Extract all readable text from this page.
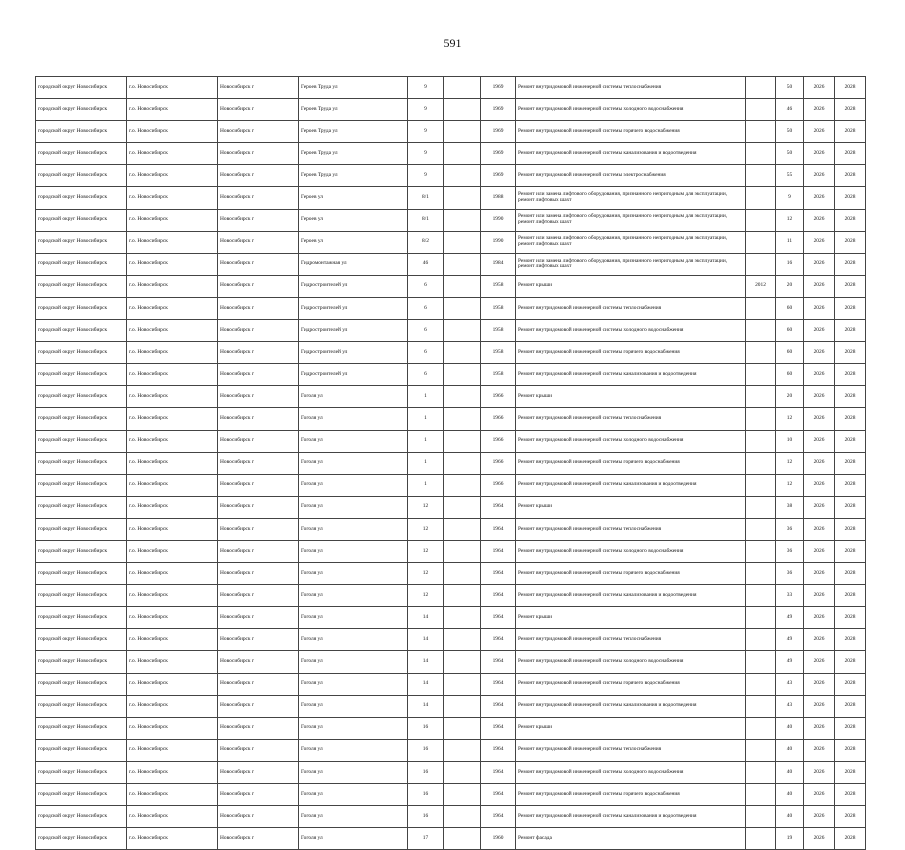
591
городской округ Новосибирск	г.о. Новосибирск	Новосибирск г	Героев Труда ул	9		1969	Ремонт внутридомовой инженерной системы теплоснабжения		50	2026	2028
городской округ Новосибирск	г.о. Новосибирск	Новосибирск г	Героев Труда ул	9		1969	Ремонт внутридомовой инженерной системы холодного водоснабжения		46	2026	2028
городской округ Новосибирск	г.о. Новосибирск	Новосибирск г	Героев Труда ул	9		1969	Ремонт внутридомовой инженерной системы горячего водоснабжения		50	2026	2028
городской округ Новосибирск	г.о. Новосибирск	Новосибирск г	Героев Труда ул	9		1969	Ремонт внутридомовой инженерной системы канализования и водоотведения		50	2026	2028
городской округ Новосибирск	г.о. Новосибирск	Новосибирск г	Героев Труда ул	9		1969	Ремонт внутридомовой инженерной системы электроснабжения		55	2026	2028
городской округ Новосибирск	г.о. Новосибирск	Новосибирск г	Героев ул	8/1		1988	Ремонт или замена лифтового оборудования, признанного непригодным для эксплуатации, ремонт лифтовых шахт		9	2026	2028
городской округ Новосибирск	г.о. Новосибирск	Новосибирск г	Героев ул	8/1		1990	Ремонт или замена лифтового оборудования, признанного непригодным для эксплуатации, ремонт лифтовых шахт		12	2026	2028
городской округ Новосибирск	г.о. Новосибирск	Новосибирск г	Героев ул	8/2		1990	Ремонт или замена лифтового оборудования, признанного непригодным для эксплуатации, ремонт лифтовых шахт		11	2026	2028
городской округ Новосибирск	г.о. Новосибирск	Новосибирск г	Гидромонтажная ул	46		1984	Ремонт или замена лифтового оборудования, признанного непригодным для эксплуатации, ремонт лифтовых шахт		16	2026	2028
городской округ Новосибирск	г.о. Новосибирск	Новосибирск г	Гидростроителей ул	6		1958	Ремонт крыши	2012	20	2026	2028
городской округ Новосибирск	г.о. Новосибирск	Новосибирск г	Гидростроителей ул	6		1958	Ремонт внутридомовой инженерной системы теплоснабжения		60	2026	2028
городской округ Новосибирск	г.о. Новосибирск	Новосибирск г	Гидростроителей ул	6		1958	Ремонт внутридомовой инженерной системы холодного водоснабжения		60	2026	2028
городской округ Новосибирск	г.о. Новосибирск	Новосибирск г	Гидростроителей ул	6		1958	Ремонт внутридомовой инженерной системы горячего водоснабжения		60	2026	2028
городской округ Новосибирск	г.о. Новосибирск	Новосибирск г	Гидростроителей ул	6		1958	Ремонт внутридомовой инженерной системы канализования и водоотведения		60	2026	2028
городской округ Новосибирск	г.о. Новосибирск	Новосибирск г	Гоголя ул	1		1966	Ремонт крыши		20	2026	2028
городской округ Новосибирск	г.о. Новосибирск	Новосибирск г	Гоголя ул	1		1966	Ремонт внутридомовой инженерной системы теплоснабжения		12	2026	2028
городской округ Новосибирск	г.о. Новосибирск	Новосибирск г	Гоголя ул	1		1966	Ремонт внутридомовой инженерной системы холодного водоснабжения		10	2026	2028
городской округ Новосибирск	г.о. Новосибирск	Новосибирск г	Гоголя ул	1		1966	Ремонт внутридомовой инженерной системы горячего водоснабжения		12	2026	2028
городской округ Новосибирск	г.о. Новосибирск	Новосибирск г	Гоголя ул	1		1966	Ремонт внутридомовой инженерной системы канализования и водоотведения		12	2026	2028
городской округ Новосибирск	г.о. Новосибирск	Новосибирск г	Гоголя ул	12		1964	Ремонт крыши		38	2026	2028
городской округ Новосибирск	г.о. Новосибирск	Новосибирск г	Гоголя ул	12		1964	Ремонт внутридомовой инженерной системы теплоснабжения		36	2026	2028
городской округ Новосибирск	г.о. Новосибирск	Новосибирск г	Гоголя ул	12		1964	Ремонт внутридомовой инженерной системы холодного водоснабжения		36	2026	2028
городской округ Новосибирск	г.о. Новосибирск	Новосибирск г	Гоголя ул	12		1964	Ремонт внутридомовой инженерной системы горячего водоснабжения		36	2026	2028
городской округ Новосибирск	г.о. Новосибирск	Новосибирск г	Гоголя ул	12		1964	Ремонт внутридомовой инженерной системы канализования и водоотведения		33	2026	2028
городской округ Новосибирск	г.о. Новосибирск	Новосибирск г	Гоголя ул	14		1964	Ремонт крыши		49	2026	2028
городской округ Новосибирск	г.о. Новосибирск	Новосибирск г	Гоголя ул	14		1964	Ремонт внутридомовой инженерной системы теплоснабжения		49	2026	2028
городской округ Новосибирск	г.о. Новосибирск	Новосибирск г	Гоголя ул	14		1964	Ремонт внутридомовой инженерной системы холодного водоснабжения		49	2026	2028
городской округ Новосибирск	г.о. Новосибирск	Новосибирск г	Гоголя ул	14		1964	Ремонт внутридомовой инженерной системы горячего водоснабжения		43	2026	2028
городской округ Новосибирск	г.о. Новосибирск	Новосибирск г	Гоголя ул	14		1964	Ремонт внутридомовой инженерной системы канализования и водоотведения		43	2026	2028
городской округ Новосибирск	г.о. Новосибирск	Новосибирск г	Гоголя ул	16		1964	Ремонт крыши		40	2026	2028
городской округ Новосибирск	г.о. Новосибирск	Новосибирск г	Гоголя ул	16		1964	Ремонт внутридомовой инженерной системы теплоснабжения		40	2026	2028
городской округ Новосибирск	г.о. Новосибирск	Новосибирск г	Гоголя ул	16		1964	Ремонт внутридомовой инженерной системы холодного водоснабжения		40	2026	2028
городской округ Новосибирск	г.о. Новосибирск	Новосибирск г	Гоголя ул	16		1964	Ремонт внутридомовой инженерной системы горячего водоснабжения		40	2026	2028
городской округ Новосибирск	г.о. Новосибирск	Новосибирск г	Гоголя ул	16		1964	Ремонт внутридомовой инженерной системы канализования и водоотведения		40	2026	2028
городской округ Новосибирск	г.о. Новосибирск	Новосибирск г	Гоголя ул	17		1960	Ремонт фасада		19	2026	2028
